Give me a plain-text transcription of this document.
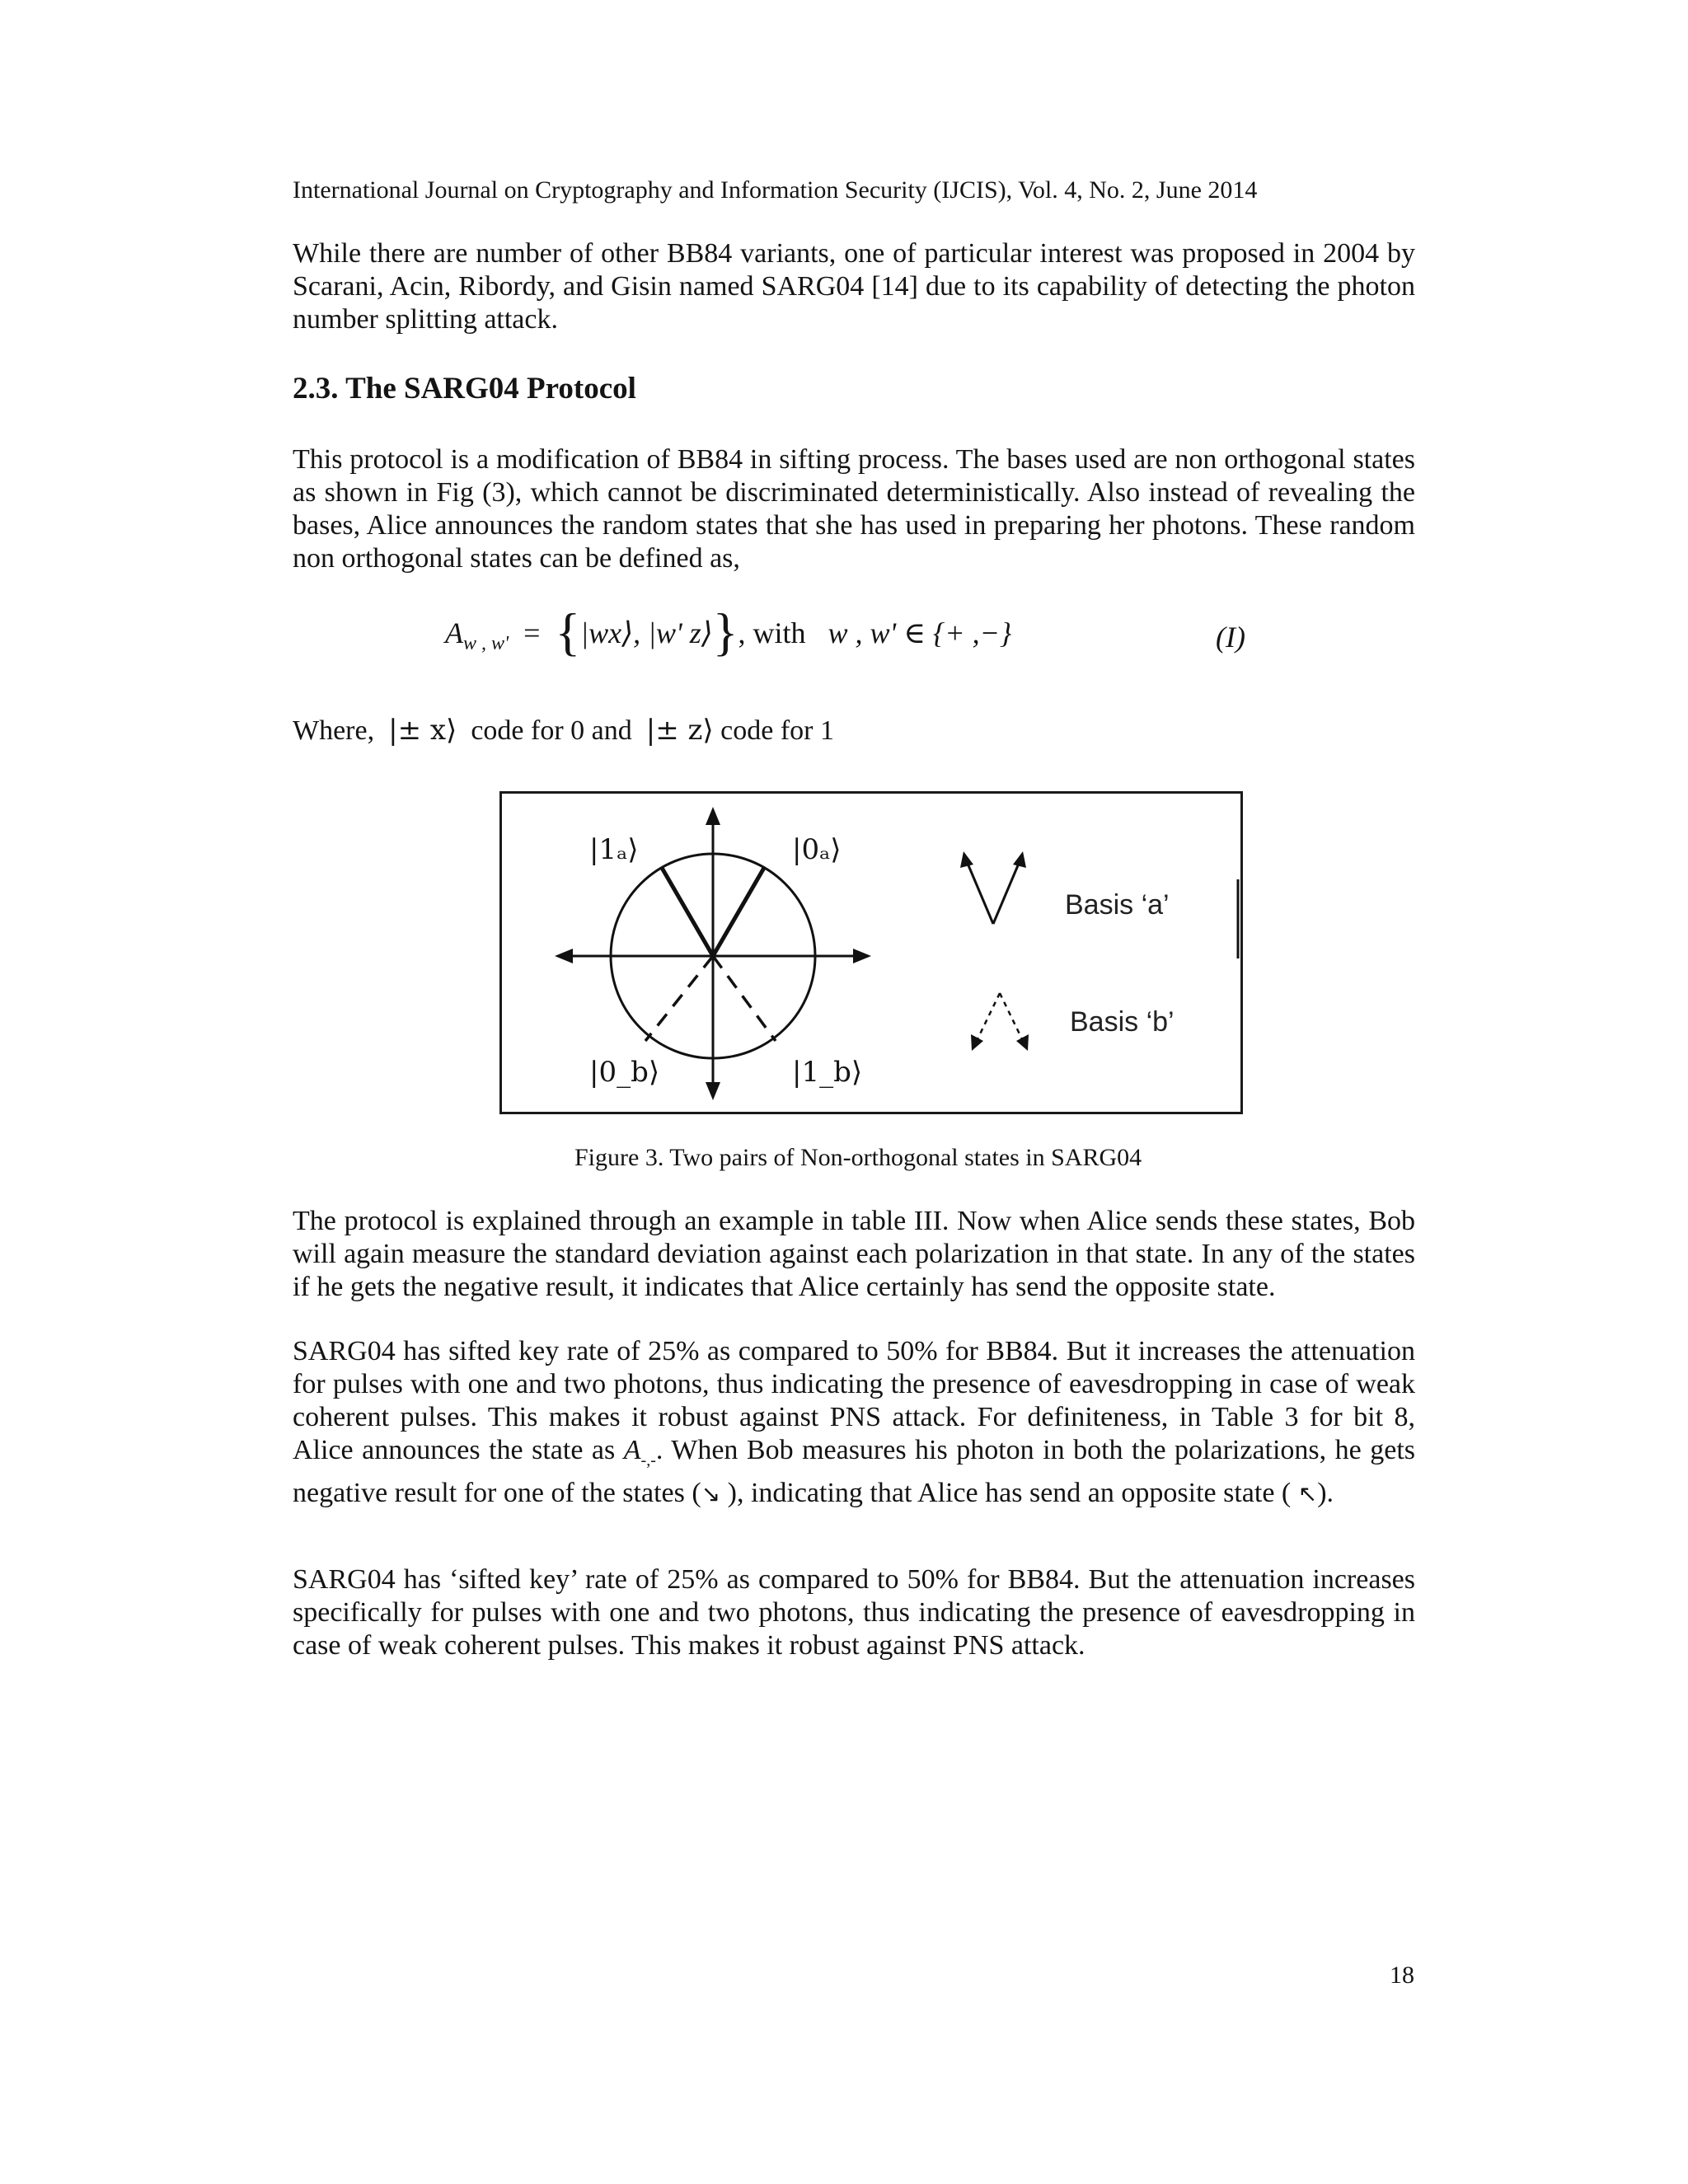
International Journal on Cryptography and Information Security (IJCIS), Vol. 4, No. 2, June 2014

While there are number of other BB84 variants, one of particular interest was proposed in 2004 by Scarani, Acin, Ribordy, and Gisin named SARG04 [14] due to its capability of detecting the photon number splitting attack.

2.3. The SARG04 Protocol

This protocol is a modification of BB84 in sifting process. The bases used are non orthogonal states as shown in Fig (3), which cannot be discriminated deterministically. Also instead of revealing the bases, Alice announces the random states that she has used in preparing her photons. These random non orthogonal states can be defined as,

$A_{w , w'}$ = {|wx⟩, |w' z⟩}, with w , w' ∈ {+ ,−}	(I)
Where, |± x⟩ code for 0 and |± z⟩ code for 1
|1ₐ⟩	|0ₐ⟩
|0_b⟩	|1_b⟩
Basis ‘a’
Basis ‘b’
Figure 3. Two pairs of Non-orthogonal states in SARG04

The protocol is explained through an example in table III. Now when Alice sends these states, Bob will again measure the standard deviation against each polarization in that state. In any of the states if he gets the negative result, it indicates that Alice certainly has send the opposite state.

SARG04 has sifted key rate of 25% as compared to 50% for BB84. But it increases the attenuation for pulses with one and two photons, thus indicating the presence of eavesdropping in case of weak coherent pulses. This makes it robust against PNS attack. For definiteness, in Table 3 for bit 8, Alice announces the state as $A_{-,-}$. When Bob measures his photon in both the polarizations, he gets negative result for one of the states (↘ ), indicating that Alice has send an opposite state ( ↖).

SARG04 has ‘sifted key’ rate of 25% as compared to 50% for BB84. But the attenuation increases specifically for pulses with one and two photons, thus indicating the presence of eavesdropping in case of weak coherent pulses. This makes it robust against PNS attack.

18
